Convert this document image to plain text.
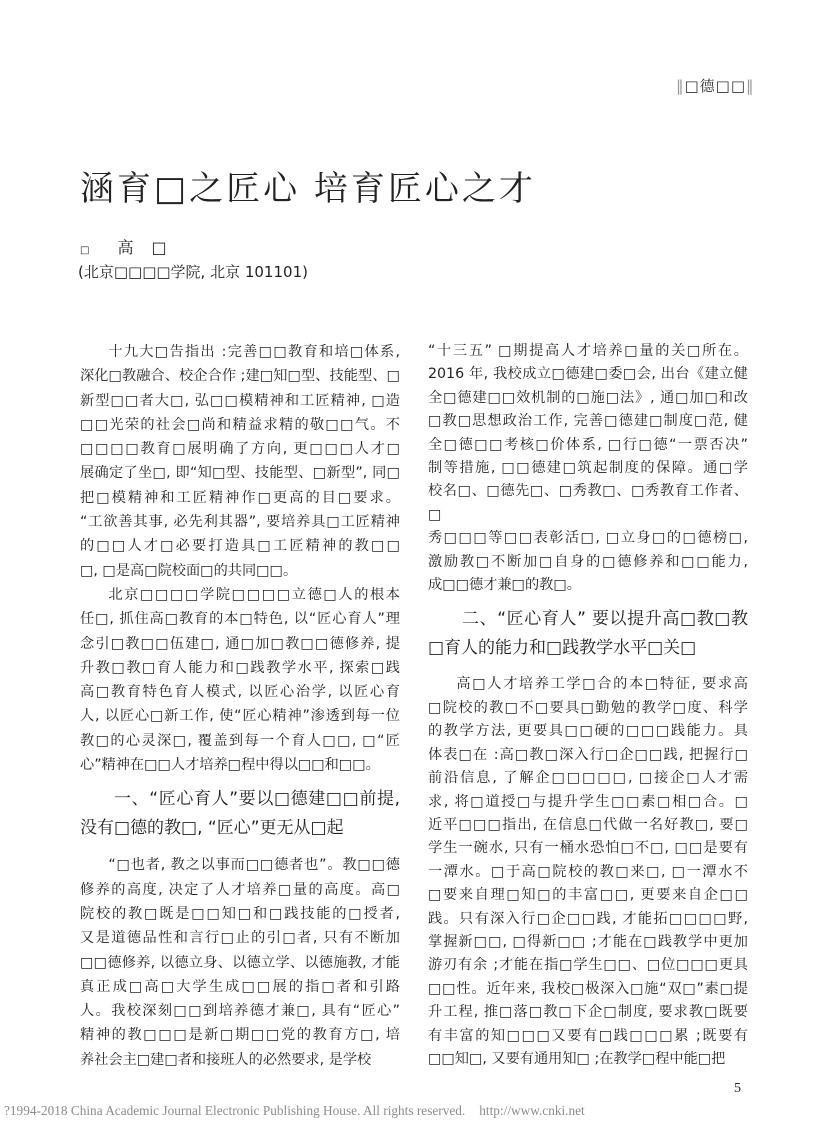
‖□德□□‖
涵育□之匠心 培育匠心之才
□ 高□
(北京□□□□学院, 北京 101101)
十九大□告指出 :完善□□教育和培□体系,
深化□教融合、校企合作 ;建□知□型、技能型、□
新型□□者大□, 弘□□模精神和工匠精神, □造
□□光荣的社会□尚和精益求精的敬□□气。不
□□□□教育□展明确了方向, 更□□□人才□
展确定了坐□, 即“知□型、技能型、□新型”, 同□
把□模精神和工匠精神作□更高的目□要求。
“工欲善其事, 必先利其器”, 要培养具□工匠精神
的□□人才□必要打造具□工匠精神的教□□
□, □是高□院校面□的共同□□。
北京□□□□学院□□□□立德□人的根本
任□, 抓住高□教育的本□特色, 以“匠心育人”理
念引□教□□伍建□, 通□加□教□□德修养, 提
升教□教□育人能力和□践教学水平, 探索□践
高□教育特色育人模式, 以匠心治学, 以匠心育
人, 以匠心□新工作, 使“匠心精神”渗透到每一位
教□的心灵深□, 覆盖到每一个育人□□, □“匠
心”精神在□□人才培养□程中得以□□和□□。
一、“匠心育人”要以□德建□□前提,
没有□德的教□, “匠心”更无从□起
“□也者, 教之以事而□□德者也”。教□□德
修养的高度, 决定了人才培养□量的高度。高□
院校的教□既是□□知□和□践技能的□授者,
又是道德品性和言行□止的引□者, 只有不断加
□□德修养, 以德立身、以德立学、以德施教, 才能
真正成□高□大学生成□□展的指□者和引路
人。我校深刻□□到培养德才兼□, 具有“匠心”
精神的教□□□是新□期□□党的教育方□, 培
养社会主□建□者和接班人的必然要求, 是学校
“十三五” □期提高人才培养□量的关□所在。
2016 年, 我校成立□德建□委□会, 出台《建立健
全□德建□□效机制的□施□法》, 通□加□和改
□教□思想政治工作, 完善□德建□制度□范, 健
全□德□□考核□价体系, □行□德“一票否决”
制等措施, □□德建□筑起制度的保障。通□学
校名□、□德先□、□秀教□、□秀教育工作者、□
秀□□□等□□表彰活□, □立身□的□德榜□,
激励教□不断加□自身的□德修养和□□能力,
成□□德才兼□的教□。
二、“匠心育人” 要以提升高□教□教
□育人的能力和□践教学水平□关□
高□人才培养工学□合的本□特征, 要求高
□院校的教□不□要具□勤勉的教学□度、科学
的教学方法, 更要具□□硬的□□□践能力。具
体表□在 :高□教□深入行□企□□践, 把握行□
前沿信息, 了解企□□□□□, □接企□人才需
求, 将□道授□与提升学生□□素□相□合。□
近平□□□指出, 在信息□代做一名好教□, 要□
学生一碗水, 只有一桶水恐怕□不□, □□是要有
一潭水。□于高□院校的教□来□, □一潭水不
□要来自理□知□的丰富□□, 更要来自企□□
践。只有深入行□企□□践, 才能拓□□□□野,
掌握新□□, □得新□□ ;才能在□践教学中更加
游刃有余 ;才能在指□学生□□、□位□□□更具
□□性。近年来, 我校□极深入□施“双□”素□提
升工程, 推□落□教□下企□制度, 要求教□既要
有丰富的知□□□又要有□践□□□累 ;既要有
□□知□, 又要有通用知□ ;在教学□程中能□把
5
?1994-2018 China Academic Journal Electronic Publishing House. All rights reserved. http://www.cnki.net
